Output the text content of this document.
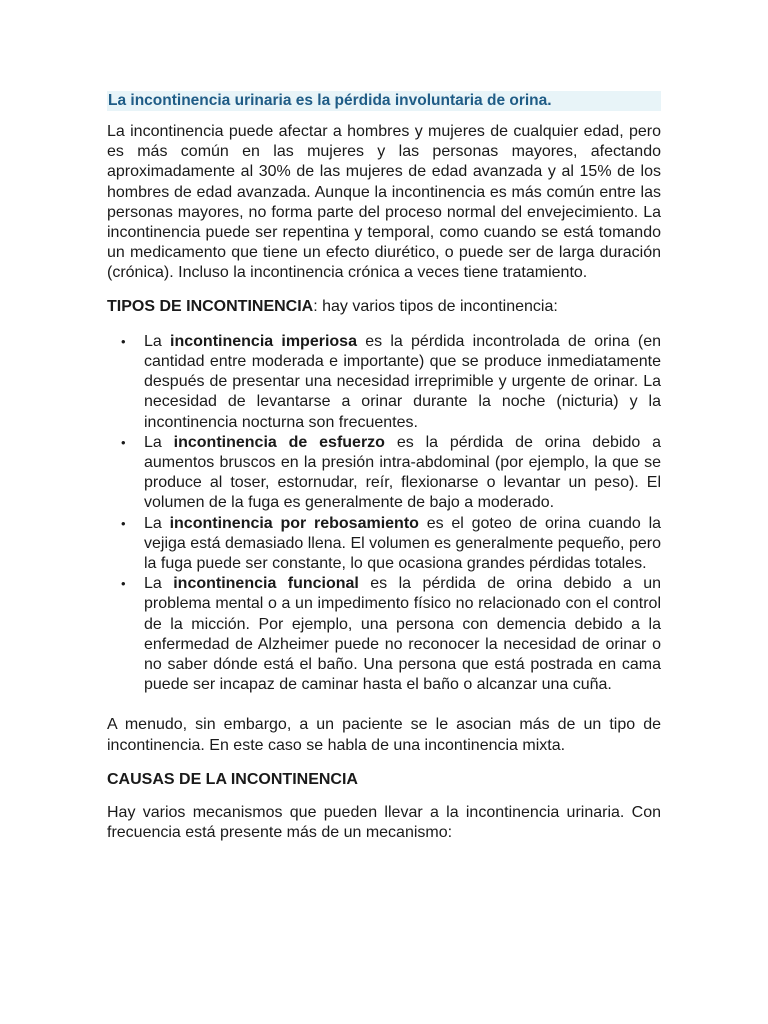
La incontinencia urinaria es la pérdida involuntaria de orina.

La incontinencia puede afectar a hombres y mujeres de cualquier edad, pero es más común en las mujeres y las personas mayores, afectando aproximadamente al 30% de las mujeres de edad avanzada y al 15% de los hombres de edad avanzada. Aunque la incontinencia es más común entre las personas mayores, no forma parte del proceso normal del envejecimiento. La incontinencia puede ser repentina y temporal, como cuando se está tomando un medicamento que tiene un efecto diurético, o puede ser de larga duración (crónica). Incluso la incontinencia crónica a veces tiene tratamiento.

TIPOS DE INCONTINENCIA: hay varios tipos de incontinencia:

• La incontinencia imperiosa es la pérdida incontrolada de orina (en cantidad entre moderada e importante) que se produce inmediatamente después de presentar una necesidad irreprimible y urgente de orinar. La necesidad de levantarse a orinar durante la noche (nicturia) y la incontinencia nocturna son frecuentes.
• La incontinencia de esfuerzo es la pérdida de orina debido a aumentos bruscos en la presión intra-abdominal (por ejemplo, la que se produce al toser, estornudar, reír, flexionarse o levantar un peso). El volumen de la fuga es generalmente de bajo a moderado.
• La incontinencia por rebosamiento es el goteo de orina cuando la vejiga está demasiado llena. El volumen es generalmente pequeño, pero la fuga puede ser constante, lo que ocasiona grandes pérdidas totales.
• La incontinencia funcional es la pérdida de orina debido a un problema mental o a un impedimento físico no relacionado con el control de la micción. Por ejemplo, una persona con demencia debido a la enfermedad de Alzheimer puede no reconocer la necesidad de orinar o no saber dónde está el baño. Una persona que está postrada en cama puede ser incapaz de caminar hasta el baño o alcanzar una cuña.

A menudo, sin embargo, a un paciente se le asocian más de un tipo de incontinencia. En este caso se habla de una incontinencia mixta.

CAUSAS DE LA INCONTINENCIA

Hay varios mecanismos que pueden llevar a la incontinencia urinaria. Con frecuencia está presente más de un mecanismo:
